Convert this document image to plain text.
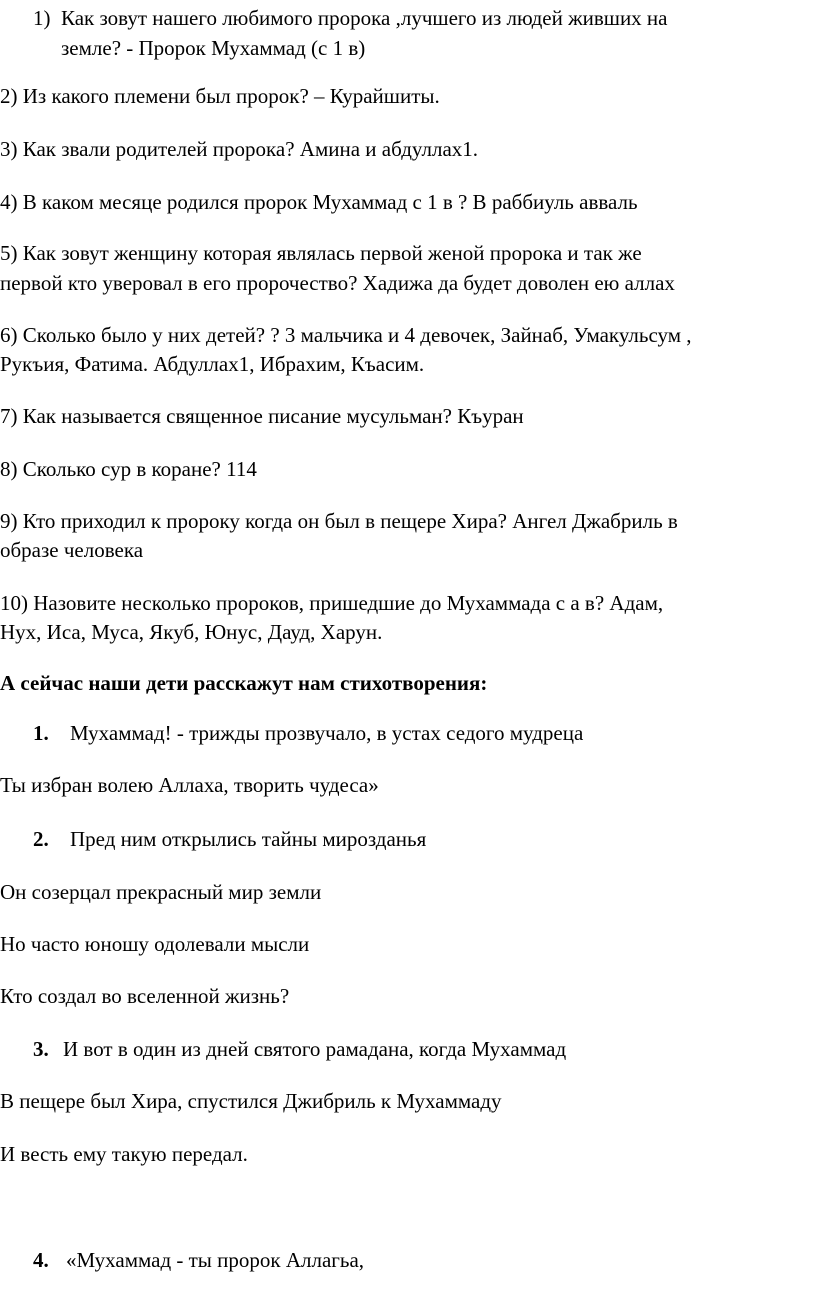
1) Как зовут нашего любимого пророка ,лучшего из людей живших на
земле? - Пророк Мухаммад (с 1 в)
2) Из какого племени был пророк? – Курайшиты.
3) Как звали родителей пророка? Амина и абдуллах1.
4) В каком месяце родился пророк Мухаммад с 1 в ? В раббиуль авваль
5) Как зовут женщину которая являлась первой женой пророка и так же
первой кто уверовал в его пророчество? Хадижа да будет доволен ею аллах
6) Сколько было у них детей? ? 3 мальчика и 4 девочек, Зайнаб, Умакульсум ,
Рукъия, Фатима. Абдуллах1, Ибрахим, Къасим.
7) Как называется священное писание мусульман? Къуран
8) Сколько сур в коране? 114
9) Кто приходил к пророку когда он был в пещере Хира? Ангел Джабриль в
образе человека
10) Назовите несколько пророков, пришедшие до Мухаммада с а в? Адам,
Нух, Иса, Муса, Якуб, Юнус, Дауд, Харун.
А сейчас наши дети расскажут нам стихотворения:
1. Мухаммад! - трижды прозвучало, в устах седого мудреца
Ты избран волею Аллаха, творить чудеса»
2. Пред ним открылись тайны мирозданья
Он созерцал прекрасный мир земли
Но часто юношу одолевали мысли
Кто создал во вселенной жизнь?
3. И вот в один из дней святого рамадана, когда Мухаммад
В пещере был Хира, спустился Джибриль к Мухаммаду
И весть ему такую передал.
4. «Мухаммад - ты пророк Аллагьа,
